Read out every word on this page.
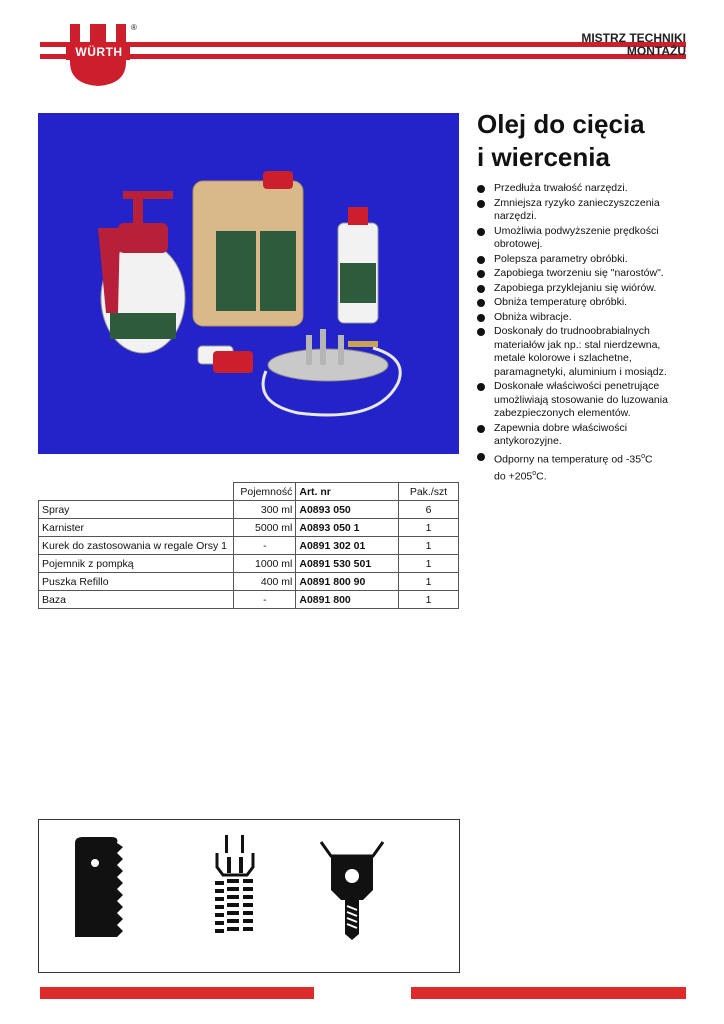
WÜRTH
®
MISTRZ TECHNIKI
MONTAŻU
Olej do cięcia
i wiercenia
Przedłuża trwałość narzędzi.
Zmniejsza ryzyko zanieczyszczenia narzędzi.
Umożliwia podwyższenie prędkości obrotowej.
Polepsza parametry obróbki.
Zapobiega tworzeniu się "narostów".
Zapobiega przyklejaniu się wiórów.
Obniża temperaturę obróbki.
Obniża wibracje.
Doskonały do trudnoobrabialnych materiałów jak np.: stal nierdzewna, metale kolorowe i szlachetne, paramagnetyki, aluminium i mosiądz.
Doskonałe właściwości penetrujące umożliwiają stosowanie do luzowania zabezpieczonych elementów.
Zapewnia dobre właściwości antykorozyjne.
Odporny na temperaturę od -35$^o$C
do $+205^oC$.
	Pojemność	Art. nr	Pak./szt
Spray	300 ml	A0893 050	6
Karnister	5000 ml	A0893 050 1	1
Kurek do zastosowania w regale Orsy 1	-	A0891 302 01	1
Pojemnik z pompką	1000 ml	A0891 530 501	1
Puszka Refillo	400 ml	A0891 800 90	1
Baza	-	A0891 800	1
